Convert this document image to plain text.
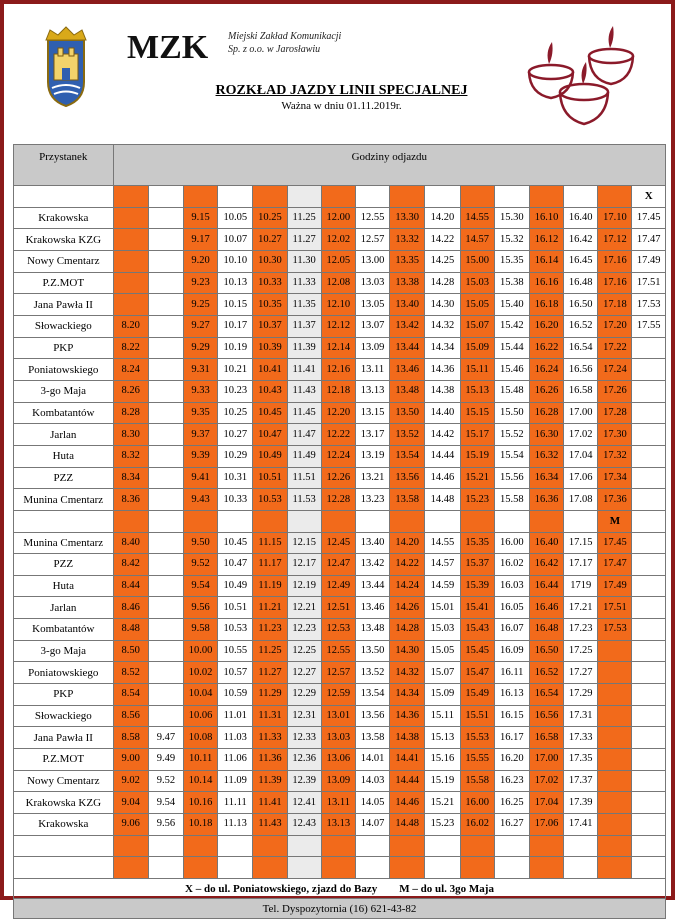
MZK Miejski Zakład Komunikacji
Sp. z o.o. w Jarosławiu
ROZKŁAD JAZDY LINII SPECJALNEJ
Ważna w dniu 01.11.2019r.
Przystanek	Godziny odjazdu															
																X
Krakowska			9.15	10.05	10.25	11.25	12.00	12.55	13.30	14.20	14.55	15.30	16.10	16.40	17.10	17.45
Krakowska KZG			9.17	10.07	10.27	11.27	12.02	12.57	13.32	14.22	14.57	15.32	16.12	16.42	17.12	17.47
Nowy Cmentarz			9.20	10.10	10.30	11.30	12.05	13.00	13.35	14.25	15.00	15.35	16.14	16.45	17.16	17.49
P.Z.MOT			9.23	10.13	10.33	11.33	12.08	13.03	13.38	14.28	15.03	15.38	16.16	16.48	17.16	17.51
Jana Pawła II			9.25	10.15	10.35	11.35	12.10	13.05	13.40	14.30	15.05	15.40	16.18	16.50	17.18	17.53
Słowackiego	8.20		9.27	10.17	10.37	11.37	12.12	13.07	13.42	14.32	15.07	15.42	16.20	16.52	17.20	17.55
PKP	8.22		9.29	10.19	10.39	11.39	12.14	13.09	13.44	14.34	15.09	15.44	16.22	16.54	17.22	
Poniatowskiego	8.24		9.31	10.21	10.41	11.41	12.16	13.11	13.46	14.36	15.11	15.46	16.24	16.56	17.24	
3-go Maja	8.26		9.33	10.23	10.43	11.43	12.18	13.13	13.48	14.38	15.13	15.48	16.26	16.58	17.26	
Kombatantów	8.28		9.35	10.25	10.45	11.45	12.20	13.15	13.50	14.40	15.15	15.50	16.28	17.00	17.28	
Jarlan	8.30		9.37	10.27	10.47	11.47	12.22	13.17	13.52	14.42	15.17	15.52	16.30	17.02	17.30	
Huta	8.32		9.39	10.29	10.49	11.49	12.24	13.19	13.54	14.44	15.19	15.54	16.32	17.04	17.32	
PZZ	8.34		9.41	10.31	10.51	11.51	12.26	13.21	13.56	14.46	15.21	15.56	16.34	17.06	17.34	
Munina Cmentarz	8.36		9.43	10.33	10.53	11.53	12.28	13.23	13.58	14.48	15.23	15.58	16.36	17.08	17.36	
															M	
Munina Cmentarz	8.40		9.50	10.45	11.15	12.15	12.45	13.40	14.20	14.55	15.35	16.00	16.40	17.15	17.45	
PZZ	8.42		9.52	10.47	11.17	12.17	12.47	13.42	14.22	14.57	15.37	16.02	16.42	17.17	17.47	
Huta	8.44		9.54	10.49	11.19	12.19	12.49	13.44	14.24	14.59	15.39	16.03	16.44	1719	17.49	
Jarlan	8.46		9.56	10.51	11.21	12.21	12.51	13.46	14.26	15.01	15.41	16.05	16.46	17.21	17.51	
Kombatantów	8.48		9.58	10.53	11.23	12.23	12.53	13.48	14.28	15.03	15.43	16.07	16.48	17.23	17.53	
3-go Maja	8.50		10.00	10.55	11.25	12.25	12.55	13.50	14.30	15.05	15.45	16.09	16.50	17.25		
Poniatowskiego	8.52		10.02	10.57	11.27	12.27	12.57	13.52	14.32	15.07	15.47	16.11	16.52	17.27		
PKP	8.54		10.04	10.59	11.29	12.29	12.59	13.54	14.34	15.09	15.49	16.13	16.54	17.29		
Słowackiego	8.56		10.06	11.01	11.31	12.31	13.01	13.56	14.36	15.11	15.51	16.15	16.56	17.31		
Jana Pawła II	8.58	9.47	10.08	11.03	11.33	12.33	13.03	13.58	14.38	15.13	15.53	16.17	16.58	17.33		
P.Z.MOT	9.00	9.49	10.11	11.06	11.36	12.36	13.06	14.01	14.41	15.16	15.55	16.20	17.00	17.35		
Nowy Cmentarz	9.02	9.52	10.14	11.09	11.39	12.39	13.09	14.03	14.44	15.19	15.58	16.23	17.02	17.37		
Krakowska KZG	9.04	9.54	10.16	11.11	11.41	12.41	13.11	14.05	14.46	15.21	16.00	16.25	17.04	17.39		
Krakowska	9.06	9.56	10.18	11.13	11.43	12.43	13.13	14.07	14.48	15.23	16.02	16.27	17.06	17.41		

X – do ul. Poniatowskiego, zjazd do Bazy        M – do ul. 3go Maja																
Tel. Dyspozytornia (16) 621-43-82																
